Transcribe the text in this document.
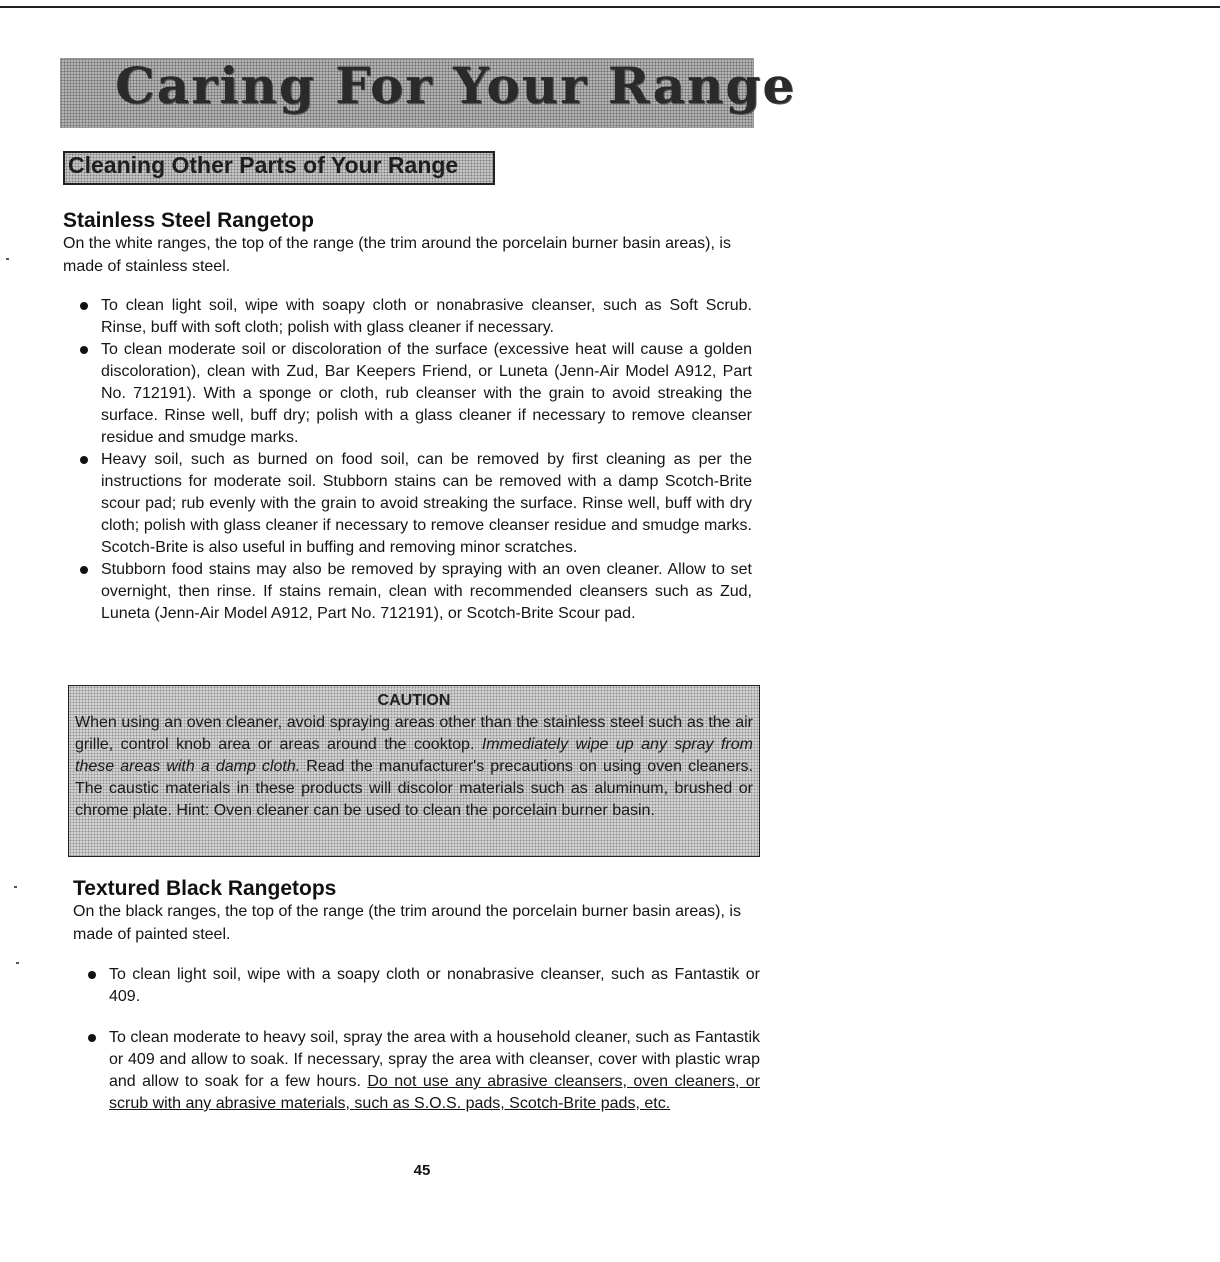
Caring For Your Range

Cleaning Other Parts of Your Range

Stainless Steel Rangetop

On the white ranges, the top of the range (the trim around the porcelain burner basin areas), is made of stainless steel.

To clean light soil, wipe with soapy cloth or nonabrasive cleanser, such as Soft Scrub. Rinse, buff with soft cloth; polish with glass cleaner if necessary.
To clean moderate soil or discoloration of the surface (excessive heat will cause a golden discoloration), clean with Zud, Bar Keepers Friend, or Luneta (Jenn-Air Model A912, Part No. 712191). With a sponge or cloth, rub cleanser with the grain to avoid streaking the surface. Rinse well, buff dry; polish with a glass cleaner if necessary to remove cleanser residue and smudge marks.
Heavy soil, such as burned on food soil, can be removed by first cleaning as per the instructions for moderate soil. Stubborn stains can be removed with a damp Scotch-Brite scour pad; rub evenly with the grain to avoid streaking the surface. Rinse well, buff with dry cloth; polish with glass cleaner if necessary to remove cleanser residue and smudge marks. Scotch-Brite is also useful in buffing and removing minor scratches.
Stubborn food stains may also be removed by spraying with an oven cleaner. Allow to set overnight, then rinse. If stains remain, clean with recommended cleansers such as Zud, Luneta (Jenn-Air Model A912, Part No. 712191), or Scotch-Brite Scour pad.

CAUTION

When using an oven cleaner, avoid spraying areas other than the stainless steel such as the air grille, control knob area or areas around the cooktop. Immediately wipe up any spray from these areas with a damp cloth. Read the manufacturer's precautions on using oven cleaners. The caustic materials in these products will discolor materials such as aluminum, brushed or chrome plate. Hint: Oven cleaner can be used to clean the porcelain burner basin.

Textured Black Rangetops

On the black ranges, the top of the range (the trim around the porcelain burner basin areas), is made of painted steel.

To clean light soil, wipe with a soapy cloth or nonabrasive cleanser, such as Fantastik or 409.
To clean moderate to heavy soil, spray the area with a household cleaner, such as Fantastik or 409 and allow to soak. If necessary, spray the area with cleanser, cover with plastic wrap and allow to soak for a few hours. Do not use any abrasive cleansers, oven cleaners, or scrub with any abrasive materials, such as S.O.S. pads, Scotch-Brite pads, etc.

45
